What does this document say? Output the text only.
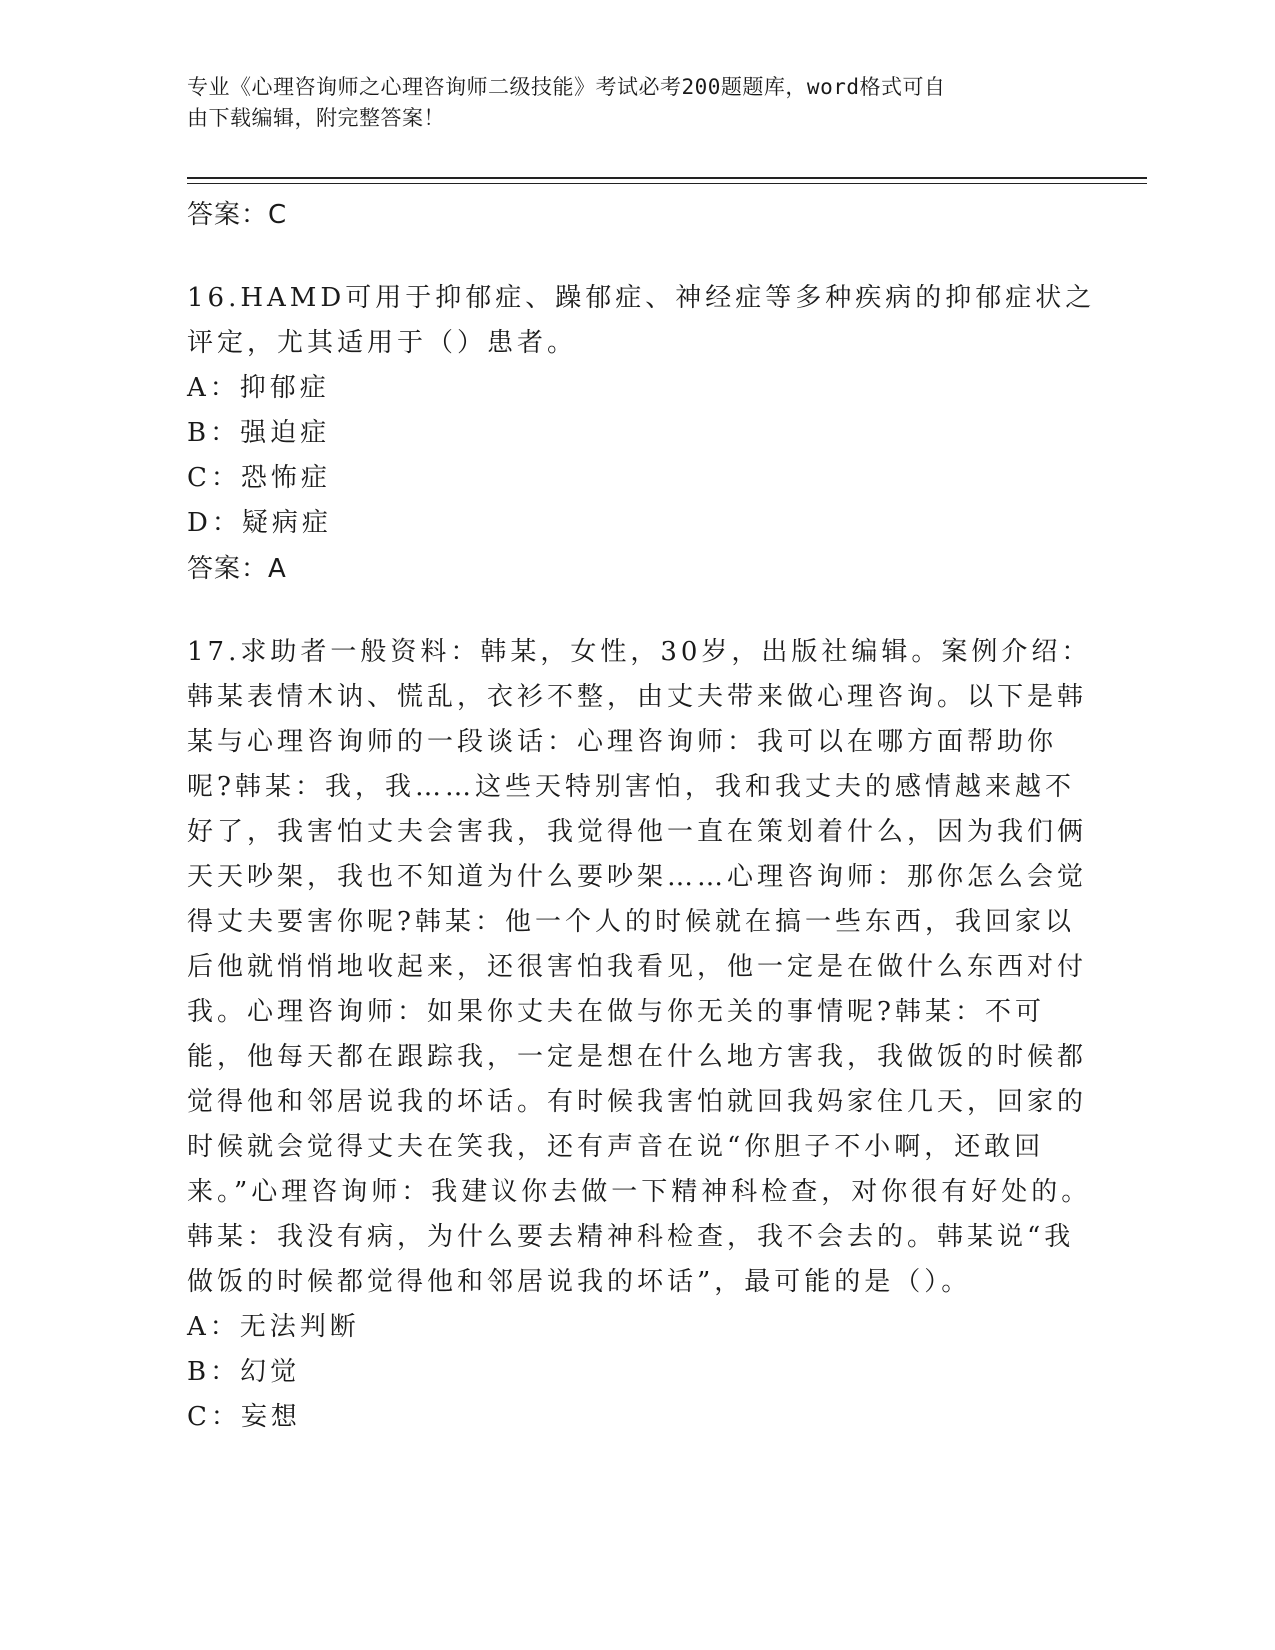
专业《心理咨询师之心理咨询师二级技能》考试必考200题题库，word格式可自
由下载编辑，附完整答案！
答案：C
16.HAMD可用于抑郁症、躁郁症、神经症等多种疾病的抑郁症状之评定，尤其适用于（）患者。
A：抑郁症
B：强迫症
C：恐怖症
D：疑病症
答案：A
17.求助者一般资料：韩某，女性，30岁，出版社编辑。案例介绍：韩某表情木讷、慌乱，衣衫不整，由丈夫带来做心理咨询。以下是韩某与心理咨询师的一段谈话：心理咨询师：我可以在哪方面帮助你呢?韩某：我，我……这些天特别害怕，我和我丈夫的感情越来越不好了，我害怕丈夫会害我，我觉得他一直在策划着什么，因为我们俩天天吵架，我也不知道为什么要吵架……心理咨询师：那你怎么会觉得丈夫要害你呢?韩某：他一个人的时候就在搞一些东西，我回家以后他就悄悄地收起来，还很害怕我看见，他一定是在做什么东西对付我。心理咨询师：如果你丈夫在做与你无关的事情呢?韩某：不可能，他每天都在跟踪我，一定是想在什么地方害我，我做饭的时候都觉得他和邻居说我的坏话。有时候我害怕就回我妈家住几天，回家的时候就会觉得丈夫在笑我，还有声音在说“你胆子不小啊，还敢回来。”心理咨询师：我建议你去做一下精神科检查，对你很有好处的。韩某：我没有病，为什么要去精神科检查，我不会去的。韩某说“我做饭的时候都觉得他和邻居说我的坏话”，最可能的是（）。
A：无法判断
B：幻觉
C：妄想
